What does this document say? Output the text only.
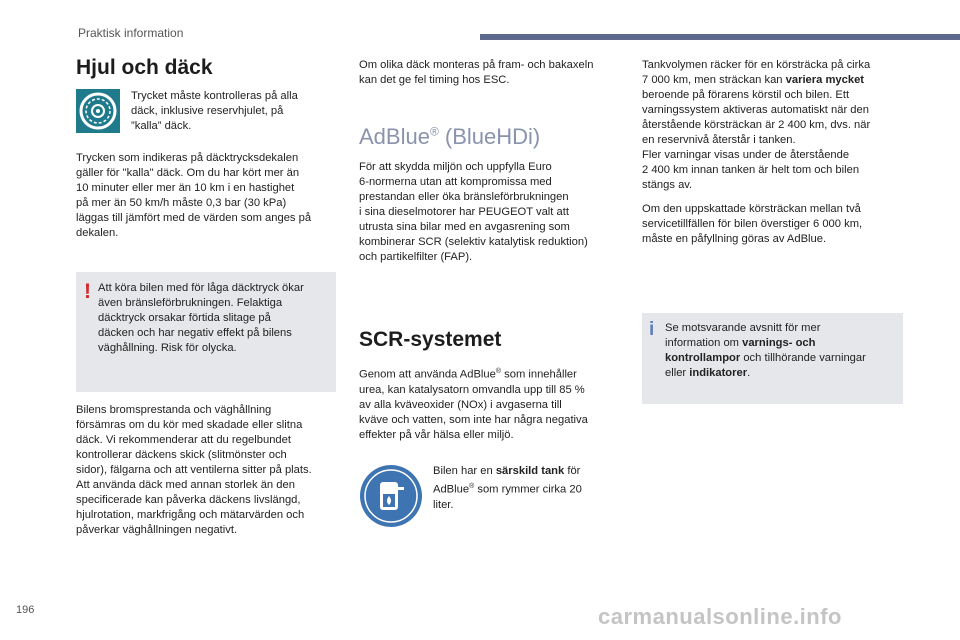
Praktisk information
Hjul och däck
Trycket måste kontrolleras på alla
däck, inklusive reservhjulet, på
”kalla” däck.
Trycken som indikeras på däcktrycksdekalen
gäller för "kalla" däck. Om du har kört mer än
10 minuter eller mer än 10 km i en hastighet
på mer än 50 km/h måste 0,3 bar (30 kPa)
läggas till jämfört med de värden som anges på
dekalen.
! Att köra bilen med för låga däcktryck ökar
även bränsleförbrukningen. Felaktiga
däcktryck orsakar förtida slitage på
däcken och har negativ effekt på bilens
väghållning. Risk för olycka.
Bilens bromsprestanda och väghållning
försämras om du kör med skadade eller slitna
däck. Vi rekommenderar att du regelbundet
kontrollerar däckens skick (slitmönster och
sidor), fälgarna och att ventilerna sitter på plats.
Att använda däck med annan storlek än den
specificerade kan påverka däckens livslängd,
hjulrotation, markfrigång och mätarvärden och
påverkar väghållningen negativt.
Om olika däck monteras på fram- och bakaxeln
kan det ge fel timing hos ESC.
AdBlue® (BlueHDi)
För att skydda miljön och uppfylla Euro
6-normerna utan att kompromissa med
prestandan eller öka bränsleförbrukningen
i sina dieselmotorer har PEUGEOT valt att
utrusta sina bilar med en avgasrening som
kombinerar SCR (selektiv katalytisk reduktion)
och partikelfilter (FAP).
SCR-systemet
Genom att använda AdBlue® som innehåller
urea, kan katalysatorn omvandla upp till 85 %
av alla kväveoxider (NOx) i avgaserna till
kväve och vatten, som inte har några negativa
effekter på vår hälsa eller miljö.
Bilen har en särskild tank för
AdBlue® som rymmer cirka 20
liter.
Tankvolymen räcker för en körsträcka på cirka
7 000 km, men sträckan kan variera mycket
beroende på förarens körstil och bilen. Ett
varningssystem aktiveras automatiskt när den
återstående körsträckan är 2 400 km, dvs. när
en reservnivå återstår i tanken.
Fler varningar visas under de återstående
2 400 km innan tanken är helt tom och bilen
stängs av.
Om den uppskattade körsträckan mellan två
servicetillfällen för bilen överstiger 6 000 km,
måste en påfyllning göras av AdBlue.
i Se motsvarande avsnitt för mer
information om varnings- och
kontrollampor och tillhörande varningar
eller indikatorer.
196	carmanualsonline.info
